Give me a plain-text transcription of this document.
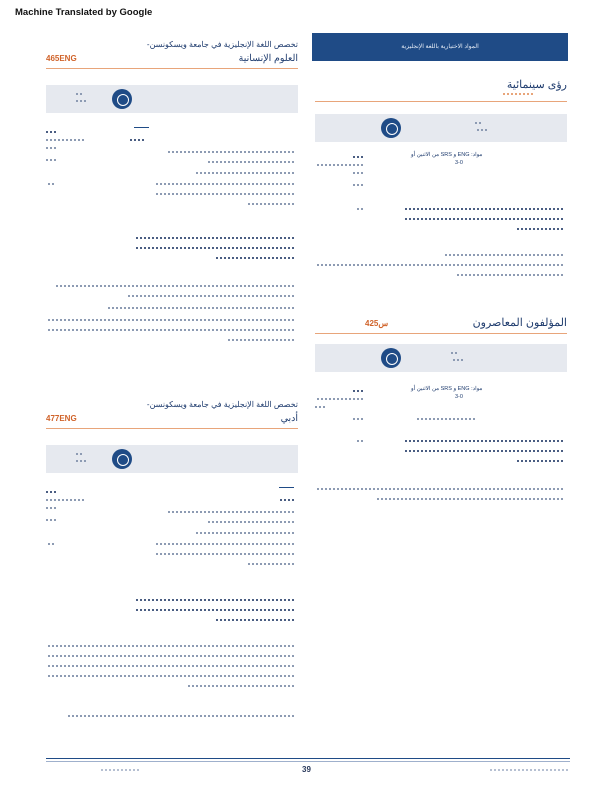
Machine Translated by Google
تخصص اللغة الإنجليزية في جامعة ويسكونسن-
465ENG	العلوم الإنسانية
تخصص اللغة الإنجليزية في جامعة ويسكونسن-
477ENG	أدبي
المواد الاختيارية باللغة الإنجليزية
رؤى سينمائية
مواد: ENG و SRS من الاثنين أو
3-0
425س	المؤلفون المعاصرون
مواد: ENG و SRS من الاثنين أو
3-0
39
